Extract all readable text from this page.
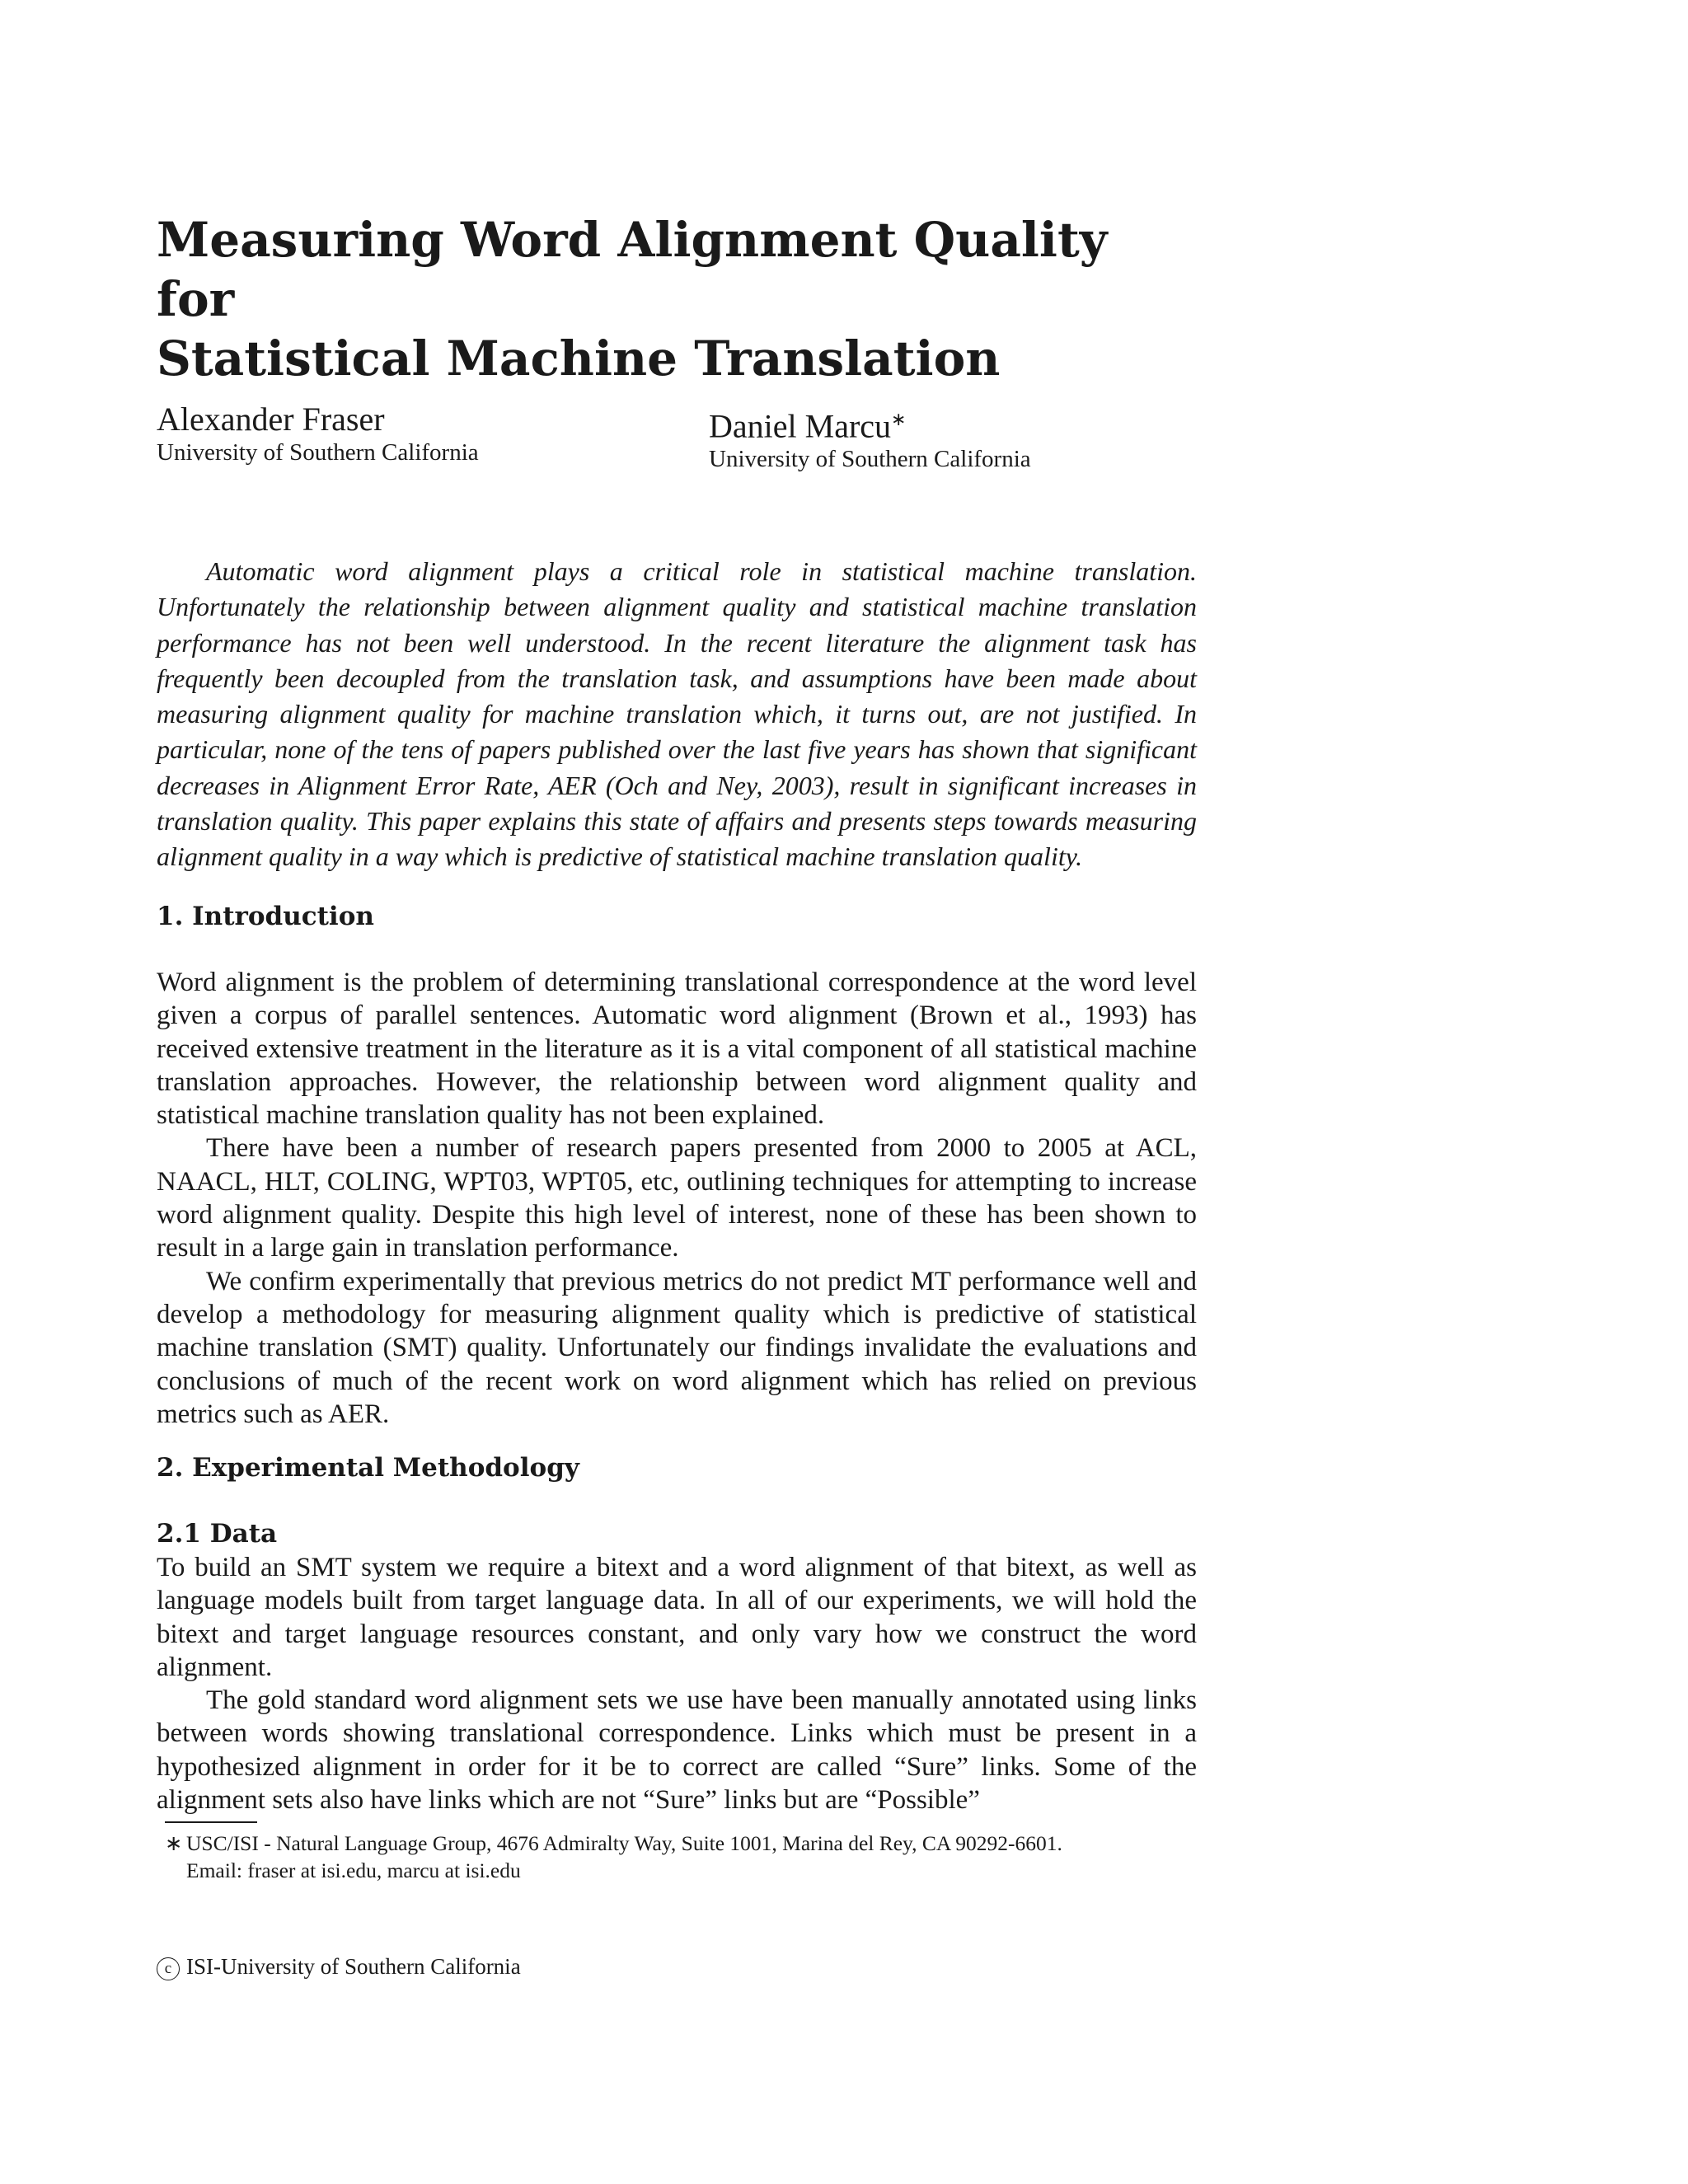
Measuring Word Alignment Quality for
Statistical Machine Translation
Alexander Fraser
University of Southern California
Daniel Marcu∗
University of Southern California
Automatic word alignment plays a critical role in statistical machine translation. Unfortunately the relationship between alignment quality and statistical machine translation performance has not been well understood. In the recent literature the alignment task has frequently been decoupled from the translation task, and assumptions have been made about measuring alignment quality for machine translation which, it turns out, are not justified. In particular, none of the tens of papers published over the last five years has shown that significant decreases in Alignment Error Rate, AER (Och and Ney, 2003), result in significant increases in translation quality. This paper explains this state of affairs and presents steps towards measuring alignment quality in a way which is predictive of statistical machine translation quality.
1. Introduction

Word alignment is the problem of determining translational correspondence at the word level given a corpus of parallel sentences. Automatic word alignment (Brown et al., 1993) has received extensive treatment in the literature as it is a vital component of all statistical machine translation approaches. However, the relationship between word alignment quality and statistical machine translation quality has not been explained.

There have been a number of research papers presented from 2000 to 2005 at ACL, NAACL, HLT, COLING, WPT03, WPT05, etc, outlining techniques for attempting to increase word alignment quality. Despite this high level of interest, none of these has been shown to result in a large gain in translation performance.

We confirm experimentally that previous metrics do not predict MT performance well and develop a methodology for measuring alignment quality which is predictive of statistical machine translation (SMT) quality. Unfortunately our findings invalidate the evaluations and conclusions of much of the recent work on word alignment which has relied on previous metrics such as AER.

2. Experimental Methodology
2.1 Data

To build an SMT system we require a bitext and a word alignment of that bitext, as well as language models built from target language data. In all of our experiments, we will hold the bitext and target language resources constant, and only vary how we construct the word alignment.

The gold standard word alignment sets we use have been manually annotated using links between words showing translational correspondence. Links which must be present in a hypothesized alignment in order for it be to correct are called “Sure” links. Some of the alignment sets also have links which are not “Sure” links but are “Possible”

∗ USC/ISI - Natural Language Group, 4676 Admiralty Way, Suite 1001, Marina del Rey, CA 90292-6601.
Email: fraser at isi.edu, marcu at isi.edu
c ISI-University of Southern California
